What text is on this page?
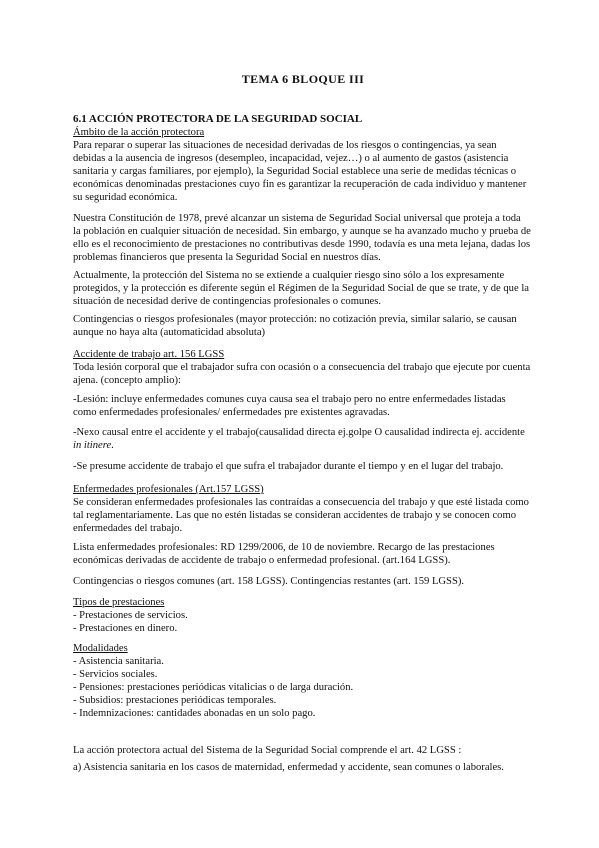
TEMA 6 BLOQUE III
6.1 ACCIÓN PROTECTORA DE LA SEGURIDAD SOCIAL
Ámbito de la acción protectora

Para reparar o superar las situaciones de necesidad derivadas de los riesgos o contingencias, ya sean debidas a la ausencia de ingresos (desempleo, incapacidad, vejez…) o al aumento de gastos (asistencia sanitaria y cargas familiares, por ejemplo), la Seguridad Social establece una serie de medidas técnicas o económicas denominadas prestaciones cuyo fin es garantizar la recuperación de cada individuo y mantener su seguridad económica.

Nuestra Constitución de 1978, prevé alcanzar un sistema de Seguridad Social universal que proteja a toda la población en cualquier situación de necesidad. Sin embargo, y aunque se ha avanzado mucho y prueba de ello es el reconocimiento de prestaciones no contributivas desde 1990, todavía es una meta lejana, dadas los problemas financieros que presenta la Seguridad Social en nuestros días.

Actualmente, la protección del Sistema no se extiende a cualquier riesgo sino sólo a los expresamente protegidos, y la protección es diferente según el Régimen de la Seguridad Social de que se trate, y de que la situación de necesidad derive de contingencias profesionales o comunes.

Contingencias o riesgos profesionales (mayor protección: no cotización previa, similar salario, se causan aunque no haya alta (automaticidad absoluta)

Accidente de trabajo art. 156 LGSS

Toda lesión corporal que el trabajador sufra con ocasión o a consecuencia del trabajo que ejecute por cuenta ajena. (concepto amplio):

-Lesión: incluye enfermedades comunes cuya causa sea el trabajo pero no entre enfermedades listadas como enfermedades profesionales/ enfermedades pre existentes agravadas.

-Nexo causal entre el accidente y el trabajo(causalidad directa ej.golpe O causalidad indirecta ej. accidente in itinere.

-Se presume accidente de trabajo el que sufra el trabajador durante el tiempo y en el lugar del trabajo.

Enfermedades profesionales (Art.157 LGSS)

Se consideran enfermedades profesionales las contraídas a consecuencia del trabajo y que esté listada como tal reglamentariamente. Las que no estén listadas se consideran accidentes de trabajo y se conocen como enfermedades del trabajo.

Lista enfermedades profesionales: RD 1299/2006, de 10 de noviembre. Recargo de las prestaciones económicas derivadas de accidente de trabajo o enfermedad profesional. (art.164 LGSS).

Contingencias o riesgos comunes (art. 158 LGSS). Contingencias restantes (art. 159 LGSS).

Tipos de prestaciones
- Prestaciones de servicios.
- Prestaciones en dinero.
Modalidades
- Asistencia sanitaria.
- Servicios sociales.
- Pensiones: prestaciones periódicas vitalicias o de larga duración.
- Subsidios: prestaciones periódicas temporales.
- Indemnizaciones: cantidades abonadas en un solo pago.

La acción protectora actual del Sistema de la Seguridad Social comprende el art. 42 LGSS :

a) Asistencia sanitaria en los casos de maternidad, enfermedad y accidente, sean comunes o laborales.
